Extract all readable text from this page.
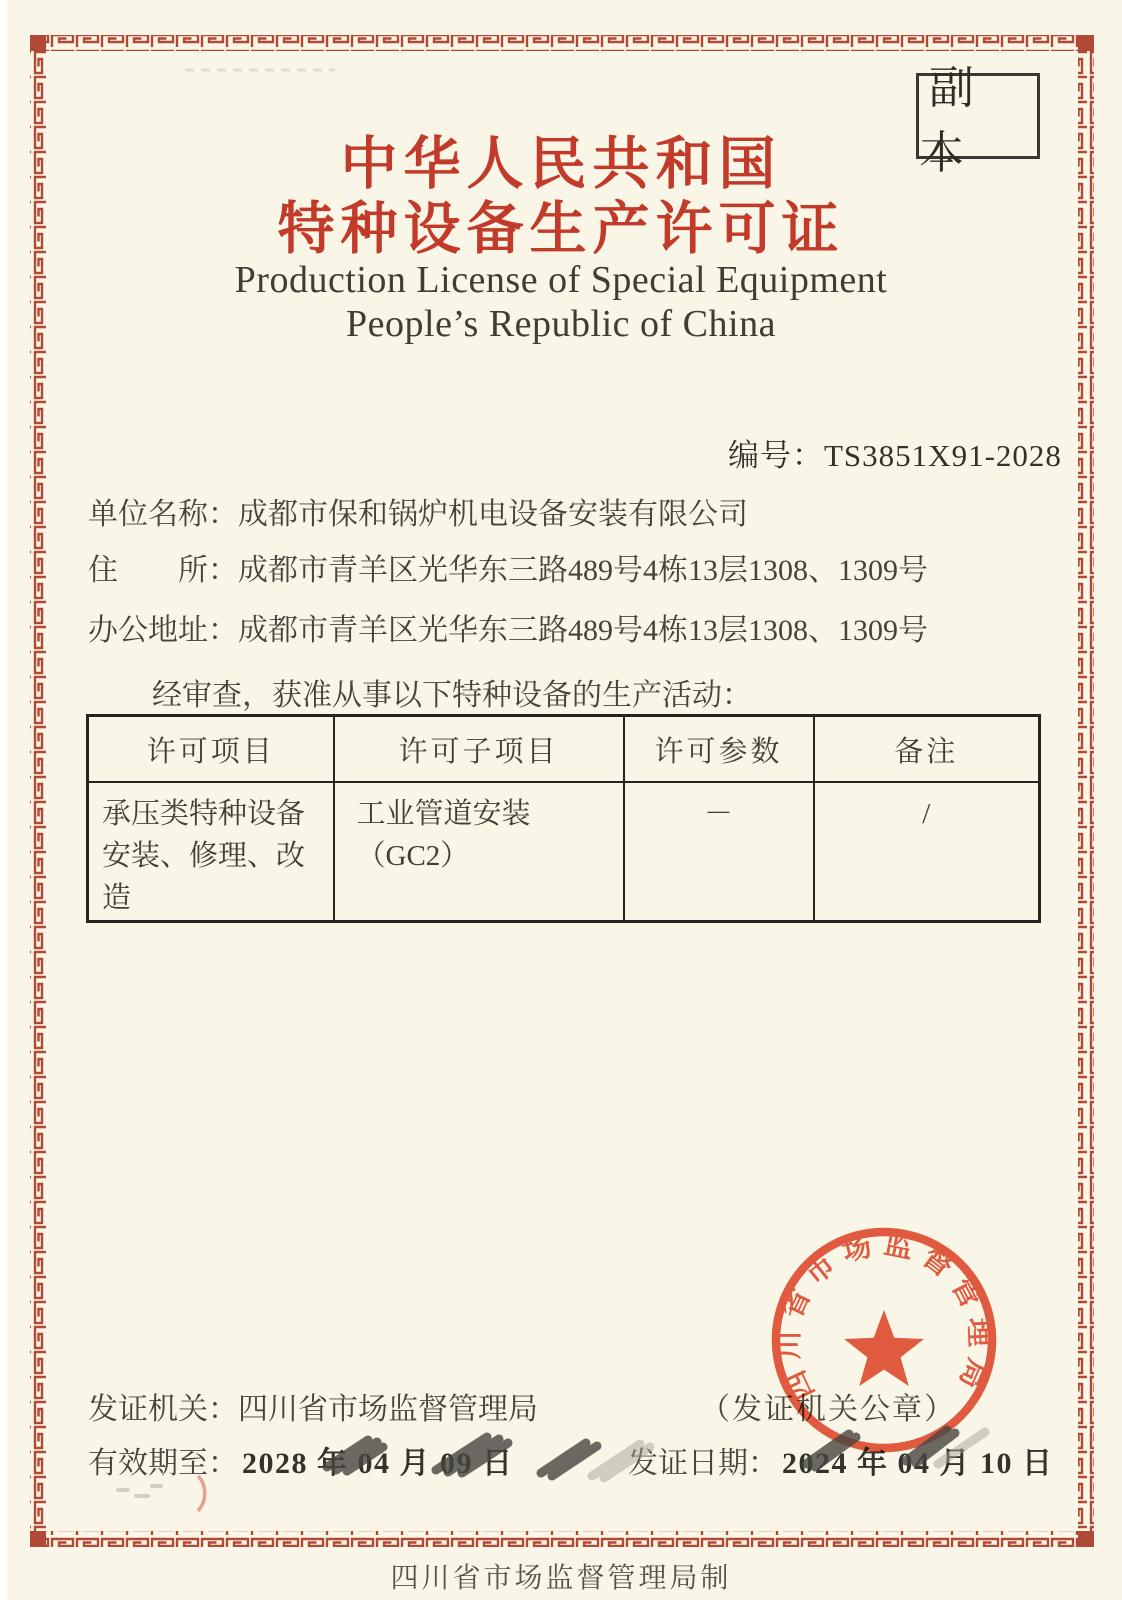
副本
中华人民共和国
特种设备生产许可证
Production License of Special Equipment
People’s Republic of China
编号：TS3851X91-2028
单位名称： 成都市保和锅炉机电设备安装有限公司
住　　所： 成都市青羊区光华东三路489号4栋13层1308、1309号
办公地址： 成都市青羊区光华东三路489号4栋13层1308、1309号
经审查，获准从事以下特种设备的生产活动：
许可项目	许可子项目	许可参数	备注
承压类特种设备安装、修理、改造	工业管道安装（GC2）	－	/
发证机关： 四川省市场监督管理局	（发证机关公章）
有效期至： 2028 年 04 月 09 日	发证日期： 2024 年 04 月 10 日
四川省市场监督管理局制
四川省市场监督管理局
